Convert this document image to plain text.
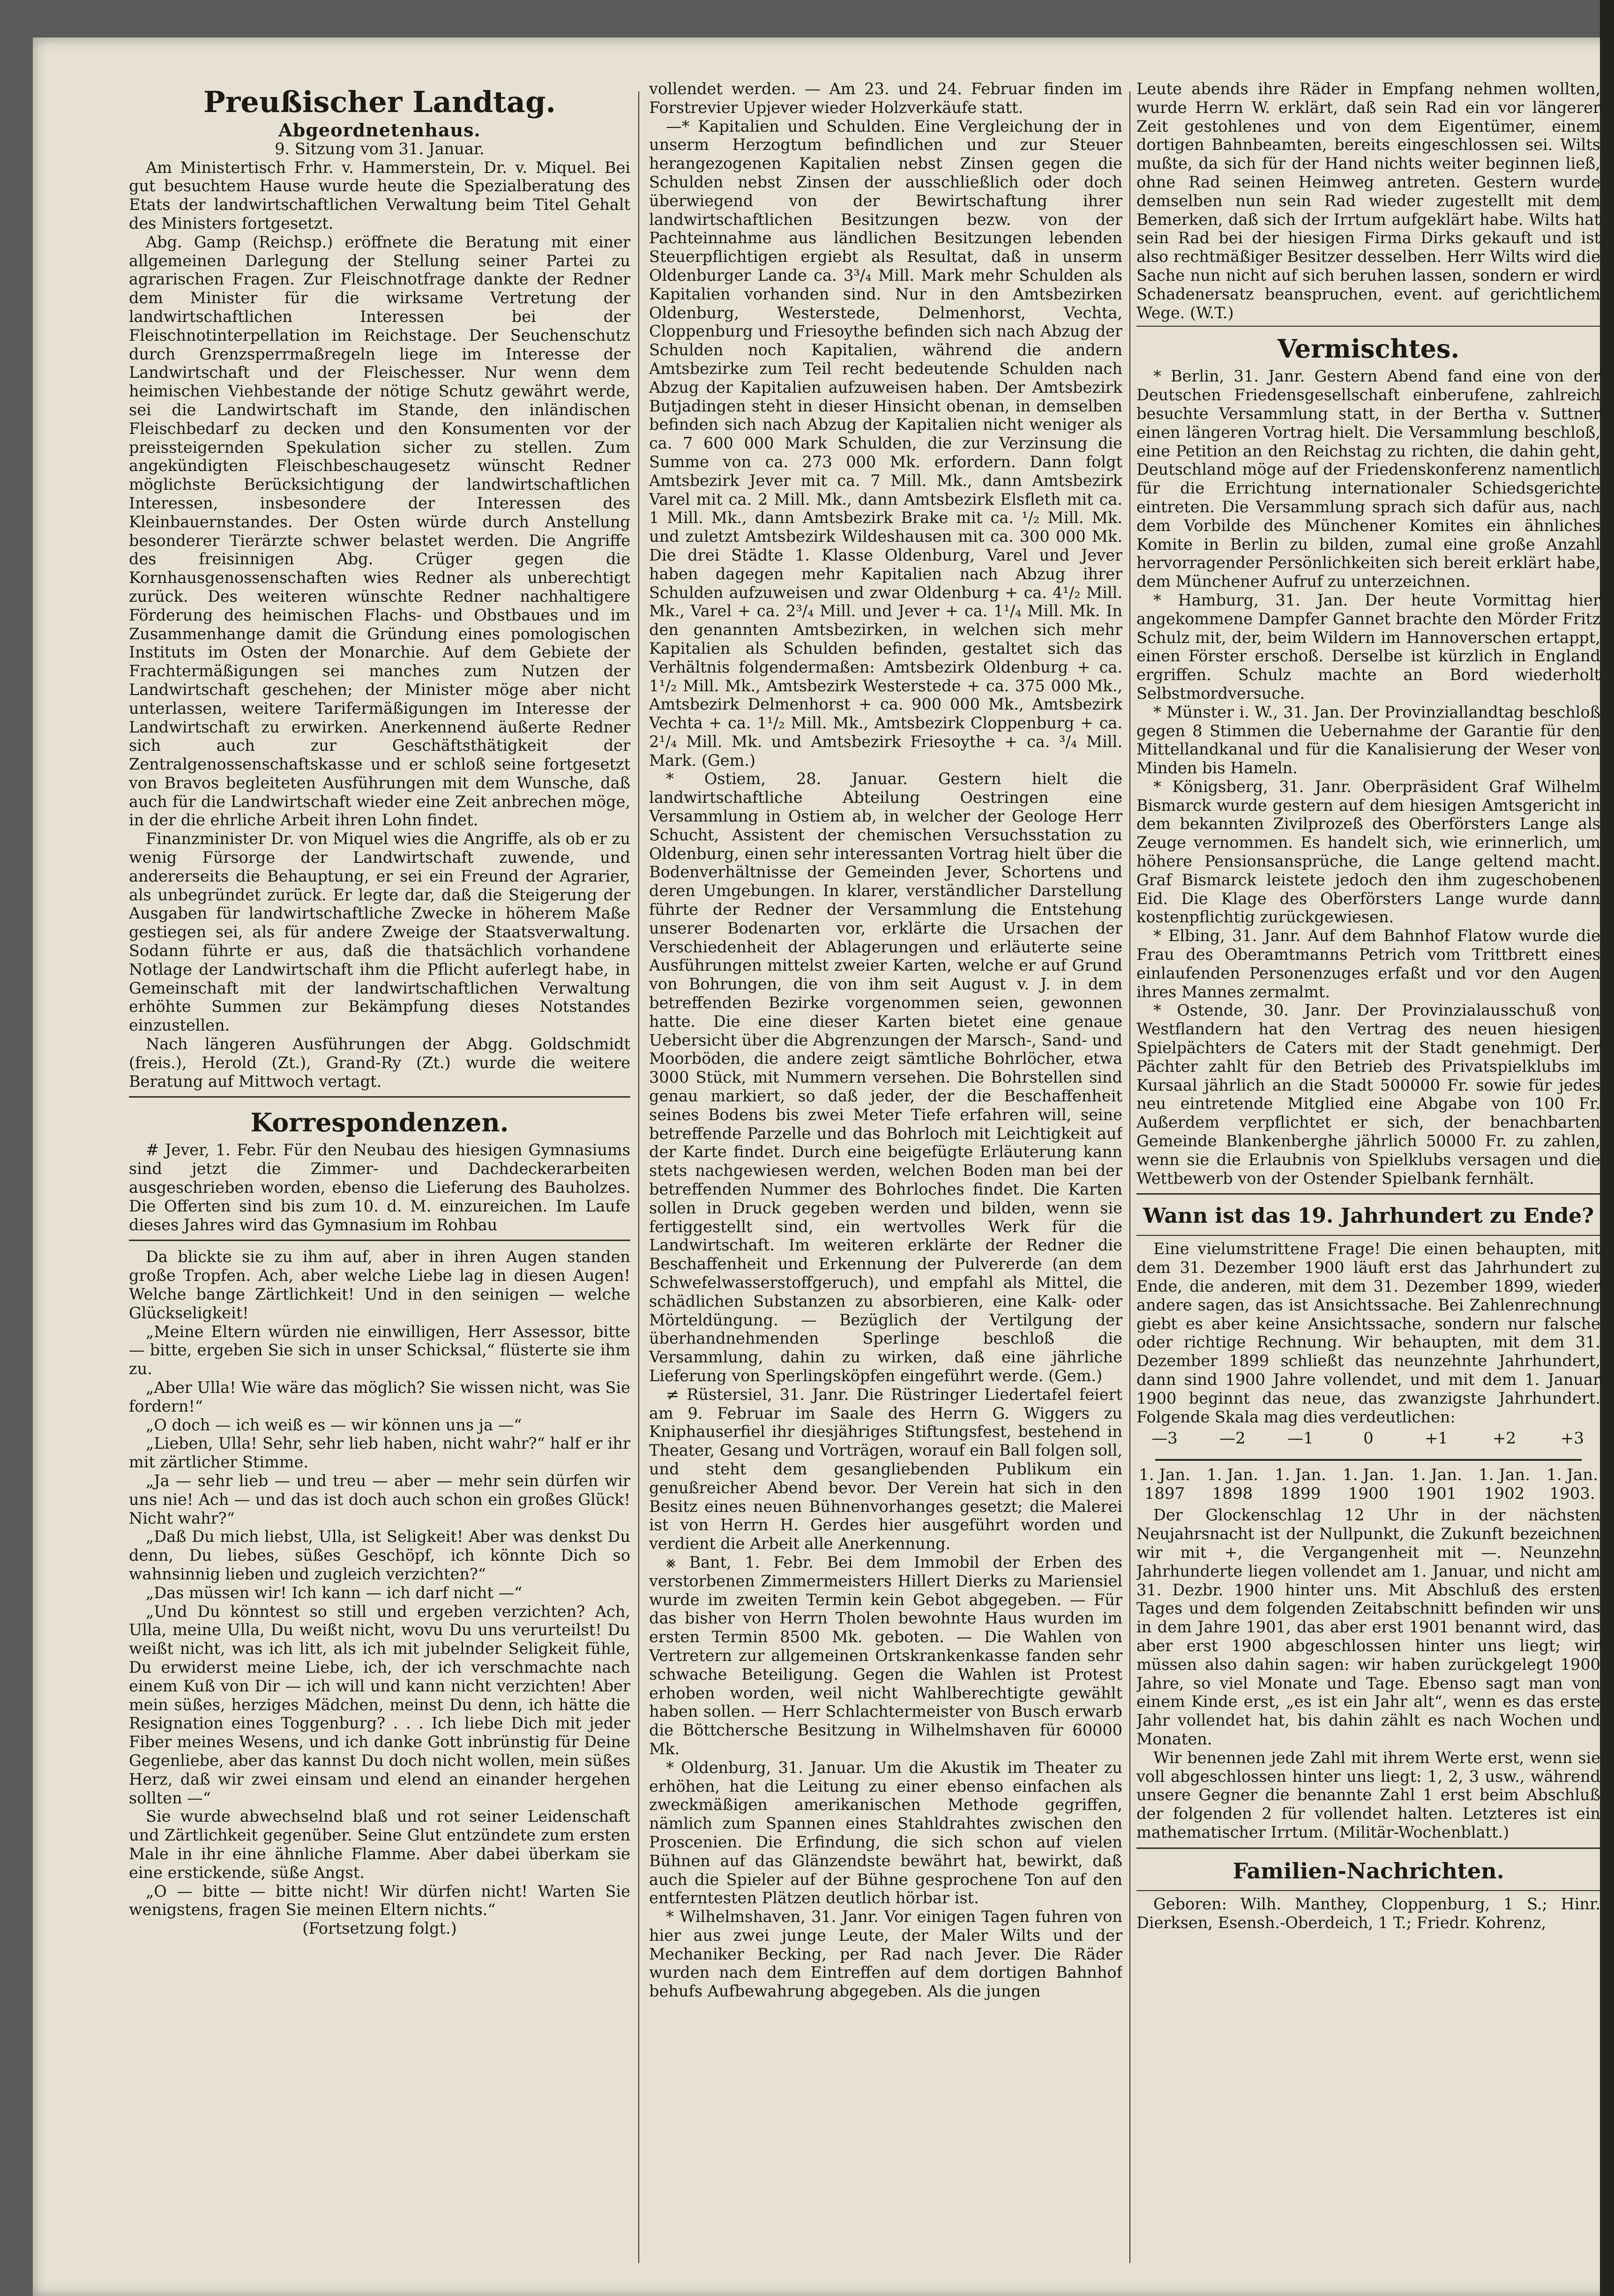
Preußischer Landtag.
Abgeordnetenhaus.

9. Sitzung vom 31. Januar.

Am Ministertisch Frhr. v. Hammerstein, Dr. v. Miquel. Bei gut besuchtem Hause wurde heute die Spezialberatung des Etats der landwirtschaftlichen Verwaltung beim Titel Gehalt des Ministers fortgesetzt.

Abg. Gamp (Reichsp.) eröffnete die Beratung mit einer allgemeinen Darlegung der Stellung seiner Partei zu agrarischen Fragen. Zur Fleischnotfrage dankte der Redner dem Minister für die wirksame Vertretung der landwirtschaftlichen Interessen bei der Fleischnotinterpellation im Reichstage. Der Seuchenschutz durch Grenzsperrmaßregeln liege im Interesse der Landwirtschaft und der Fleischesser. Nur wenn dem heimischen Viehbestande der nötige Schutz gewährt werde, sei die Landwirtschaft im Stande, den inländischen Fleischbedarf zu decken und den Konsumenten vor der preissteigernden Spekulation sicher zu stellen. Zum angekündigten Fleischbeschaugesetz wünscht Redner möglichste Berücksichtigung der landwirtschaftlichen Interessen, insbesondere der Interessen des Kleinbauernstandes. Der Osten würde durch Anstellung besonderer Tierärzte schwer belastet werden. Die Angriffe des freisinnigen Abg. Crüger gegen die Kornhausgenossenschaften wies Redner als unberechtigt zurück. Des weiteren wünschte Redner nachhaltigere Förderung des heimischen Flachs- und Obstbaues und im Zusammenhange damit die Gründung eines pomologischen Instituts im Osten der Monarchie. Auf dem Gebiete der Frachtermäßigungen sei manches zum Nutzen der Landwirtschaft geschehen; der Minister möge aber nicht unterlassen, weitere Tarifermäßigungen im Interesse der Landwirtschaft zu erwirken. Anerkennend äußerte Redner sich auch zur Geschäftsthätigkeit der Zentralgenossenschaftskasse und er schloß seine fortgesetzt von Bravos begleiteten Ausführungen mit dem Wunsche, daß auch für die Landwirtschaft wieder eine Zeit anbrechen möge, in der die ehrliche Arbeit ihren Lohn findet.

Finanzminister Dr. von Miquel wies die Angriffe, als ob er zu wenig Fürsorge der Landwirtschaft zuwende, und andererseits die Behauptung, er sei ein Freund der Agrarier, als unbegründet zurück. Er legte dar, daß die Steigerung der Ausgaben für landwirtschaftliche Zwecke in höherem Maße gestiegen sei, als für andere Zweige der Staatsverwaltung. Sodann führte er aus, daß die thatsächlich vorhandene Notlage der Landwirtschaft ihm die Pflicht auferlegt habe, in Gemeinschaft mit der landwirtschaftlichen Verwaltung erhöhte Summen zur Bekämpfung dieses Notstandes einzustellen.

Nach längeren Ausführungen der Abgg. Goldschmidt (freis.), Herold (Zt.), Grand-Ry (Zt.) wurde die weitere Beratung auf Mittwoch vertagt.

Korrespondenzen.

# Jever, 1. Febr. Für den Neubau des hiesigen Gymnasiums sind jetzt die Zimmer- und Dachdeckerarbeiten ausgeschrieben worden, ebenso die Lieferung des Bauholzes. Die Offerten sind bis zum 10. d. M. einzureichen. Im Laufe dieses Jahres wird das Gymnasium im Rohbau

Da blickte sie zu ihm auf, aber in ihren Augen standen große Tropfen. Ach, aber welche Liebe lag in diesen Augen! Welche bange Zärtlichkeit! Und in den seinigen — welche Glückseligkeit!

„Meine Eltern würden nie einwilligen, Herr Assessor, bitte — bitte, ergeben Sie sich in unser Schicksal,“ flüsterte sie ihm zu.

„Aber Ulla! Wie wäre das möglich? Sie wissen nicht, was Sie fordern!“

„O doch — ich weiß es — wir können uns ja —“

„Lieben, Ulla! Sehr, sehr lieb haben, nicht wahr?“ half er ihr mit zärtlicher Stimme.

„Ja — sehr lieb — und treu — aber — mehr sein dürfen wir uns nie! Ach — und das ist doch auch schon ein großes Glück! Nicht wahr?“

„Daß Du mich liebst, Ulla, ist Seligkeit! Aber was denkst Du denn, Du liebes, süßes Geschöpf, ich könnte Dich so wahnsinnig lieben und zugleich verzichten?“

„Das müssen wir! Ich kann — ich darf nicht —“

„Und Du könntest so still und ergeben verzichten? Ach, Ulla, meine Ulla, Du weißt nicht, wovu Du uns verurteilst! Du weißt nicht, was ich litt, als ich mit jubelnder Seligkeit fühle, Du erwiderst meine Liebe, ich, der ich verschmachte nach einem Kuß von Dir — ich will und kann nicht verzichten! Aber mein süßes, herziges Mädchen, meinst Du denn, ich hätte die Resignation eines Toggenburg? . . . Ich liebe Dich mit jeder Fiber meines Wesens, und ich danke Gott inbrünstig für Deine Gegenliebe, aber das kannst Du doch nicht wollen, mein süßes Herz, daß wir zwei einsam und elend an einander hergehen sollten —“

Sie wurde abwechselnd blaß und rot seiner Leidenschaft und Zärtlichkeit gegenüber. Seine Glut entzündete zum ersten Male in ihr eine ähnliche Flamme. Aber dabei überkam sie eine erstickende, süße Angst.

„O — bitte — bitte nicht! Wir dürfen nicht! Warten Sie wenigstens, fragen Sie meinen Eltern nichts.“

(Fortsetzung folgt.)

vollendet werden. — Am 23. und 24. Februar finden im Forstrevier Upjever wieder Holzverkäufe statt.

—* Kapitalien und Schulden. Eine Vergleichung der in unserm Herzogtum befindlichen und zur Steuer herangezogenen Kapitalien nebst Zinsen gegen die Schulden nebst Zinsen der ausschließlich oder doch überwiegend von der Bewirtschaftung ihrer landwirtschaftlichen Besitzungen bezw. von der Pachteinnahme aus ländlichen Besitzungen lebenden Steuerpflichtigen ergiebt als Resultat, daß in unserm Oldenburger Lande ca. 3³/₄ Mill. Mark mehr Schulden als Kapitalien vorhanden sind. Nur in den Amtsbezirken Oldenburg, Westerstede, Delmenhorst, Vechta, Cloppenburg und Friesoythe befinden sich nach Abzug der Schulden noch Kapitalien, während die andern Amtsbezirke zum Teil recht bedeutende Schulden nach Abzug der Kapitalien aufzuweisen haben. Der Amtsbezirk Butjadingen steht in dieser Hinsicht obenan, in demselben befinden sich nach Abzug der Kapitalien nicht weniger als ca. 7 600 000 Mark Schulden, die zur Verzinsung die Summe von ca. 273 000 Mk. erfordern. Dann folgt Amtsbezirk Jever mit ca. 7 Mill. Mk., dann Amtsbezirk Varel mit ca. 2 Mill. Mk., dann Amtsbezirk Elsfleth mit ca. 1 Mill. Mk., dann Amtsbezirk Brake mit ca. ¹/₂ Mill. Mk. und zuletzt Amtsbezirk Wildeshausen mit ca. 300 000 Mk. Die drei Städte 1. Klasse Oldenburg, Varel und Jever haben dagegen mehr Kapitalien nach Abzug ihrer Schulden aufzuweisen und zwar Oldenburg + ca. 4¹/₂ Mill. Mk., Varel + ca. 2³/₄ Mill. und Jever + ca. 1¹/₄ Mill. Mk. In den genannten Amtsbezirken, in welchen sich mehr Kapitalien als Schulden befinden, gestaltet sich das Verhältnis folgendermaßen: Amtsbezirk Oldenburg + ca. 1¹/₂ Mill. Mk., Amtsbezirk Westerstede + ca. 375 000 Mk., Amtsbezirk Delmenhorst + ca. 900 000 Mk., Amtsbezirk Vechta + ca. 1¹/₂ Mill. Mk., Amtsbezirk Cloppenburg + ca. 2¹/₄ Mill. Mk. und Amtsbezirk Friesoythe + ca. ³/₄ Mill. Mark. (Gem.)

* Ostiem, 28. Januar. Gestern hielt die landwirtschaftliche Abteilung Oestringen eine Versammlung in Ostiem ab, in welcher der Geologe Herr Schucht, Assistent der chemischen Versuchsstation zu Oldenburg, einen sehr interessanten Vortrag hielt über die Bodenverhältnisse der Gemeinden Jever, Schortens und deren Umgebungen. In klarer, verständlicher Darstellung führte der Redner der Versammlung die Entstehung unserer Bodenarten vor, erklärte die Ursachen der Verschiedenheit der Ablagerungen und erläuterte seine Ausführungen mittelst zweier Karten, welche er auf Grund von Bohrungen, die von ihm seit August v. J. in dem betreffenden Bezirke vorgenommen seien, gewonnen hatte. Die eine dieser Karten bietet eine genaue Uebersicht über die Abgrenzungen der Marsch-, Sand- und Moorböden, die andere zeigt sämtliche Bohrlöcher, etwa 3000 Stück, mit Nummern versehen. Die Bohrstellen sind genau markiert, so daß jeder, der die Beschaffenheit seines Bodens bis zwei Meter Tiefe erfahren will, seine betreffende Parzelle und das Bohrloch mit Leichtigkeit auf der Karte findet. Durch eine beigefügte Erläuterung kann stets nachgewiesen werden, welchen Boden man bei der betreffenden Nummer des Bohrloches findet. Die Karten sollen in Druck gegeben werden und bilden, wenn sie fertiggestellt sind, ein wertvolles Werk für die Landwirtschaft. Im weiteren erklärte der Redner die Beschaffenheit und Erkennung der Pulvererde (an dem Schwefelwasserstoffgeruch), und empfahl als Mittel, die schädlichen Substanzen zu absorbieren, eine Kalk- oder Mörteldüngung. — Bezüglich der Vertilgung der überhandnehmenden Sperlinge beschloß die Versammlung, dahin zu wirken, daß eine jährliche Lieferung von Sperlingsköpfen eingeführt werde. (Gem.)

≠ Rüstersiel, 31. Janr. Die Rüstringer Liedertafel feiert am 9. Februar im Saale des Herrn G. Wiggers zu Kniphauserfiel ihr diesjähriges Stiftungsfest, bestehend in Theater, Gesang und Vorträgen, worauf ein Ball folgen soll, und steht dem gesangliebenden Publikum ein genußreicher Abend bevor. Der Verein hat sich in den Besitz eines neuen Bühnenvorhanges gesetzt; die Malerei ist von Herrn H. Gerdes hier ausgeführt worden und verdient die Arbeit alle Anerkennung.

⨳ Bant, 1. Febr. Bei dem Immobil der Erben des verstorbenen Zimmermeisters Hillert Dierks zu Mariensiel wurde im zweiten Termin kein Gebot abgegeben. — Für das bisher von Herrn Tholen bewohnte Haus wurden im ersten Termin 8500 Mk. geboten. — Die Wahlen von Vertretern zur allgemeinen Ortskrankenkasse fanden sehr schwache Beteiligung. Gegen die Wahlen ist Protest erhoben worden, weil nicht Wahlberechtigte gewählt haben sollen. — Herr Schlachtermeister von Busch erwarb die Böttchersche Besitzung in Wilhelmshaven für 60000 Mk.

* Oldenburg, 31. Januar. Um die Akustik im Theater zu erhöhen, hat die Leitung zu einer ebenso einfachen als zweckmäßigen amerikanischen Methode gegriffen, nämlich zum Spannen eines Stahldrahtes zwischen den Proscenien. Die Erfindung, die sich schon auf vielen Bühnen auf das Glänzendste bewährt hat, bewirkt, daß auch die Spieler auf der Bühne gesprochene Ton auf den entferntesten Plätzen deutlich hörbar ist.

* Wilhelmshaven, 31. Janr. Vor einigen Tagen fuhren von hier aus zwei junge Leute, der Maler Wilts und der Mechaniker Becking, per Rad nach Jever. Die Räder wurden nach dem Eintreffen auf dem dortigen Bahnhof behufs Aufbewahrung abgegeben. Als die jungen

Leute abends ihre Räder in Empfang nehmen wollten, wurde Herrn W. erklärt, daß sein Rad ein vor längerer Zeit gestohlenes und von dem Eigentümer, einem dortigen Bahnbeamten, bereits eingeschlossen sei. Wilts mußte, da sich für der Hand nichts weiter beginnen ließ, ohne Rad seinen Heimweg antreten. Gestern wurde demselben nun sein Rad wieder zugestellt mit dem Bemerken, daß sich der Irrtum aufgeklärt habe. Wilts hat sein Rad bei der hiesigen Firma Dirks gekauft und ist also rechtmäßiger Besitzer desselben. Herr Wilts wird die Sache nun nicht auf sich beruhen lassen, sondern er wird Schadenersatz beanspruchen, event. auf gerichtlichem Wege. (W.T.)

Vermischtes.

* Berlin, 31. Janr. Gestern Abend fand eine von der Deutschen Friedensgesellschaft einberufene, zahlreich besuchte Versammlung statt, in der Bertha v. Suttner einen längeren Vortrag hielt. Die Versammlung beschloß, eine Petition an den Reichstag zu richten, die dahin geht, Deutschland möge auf der Friedenskonferenz namentlich für die Errichtung internationaler Schiedsgerichte eintreten. Die Versammlung sprach sich dafür aus, nach dem Vorbilde des Münchener Komites ein ähnliches Komite in Berlin zu bilden, zumal eine große Anzahl hervorragender Persönlichkeiten sich bereit erklärt habe, dem Münchener Aufruf zu unterzeichnen.

* Hamburg, 31. Jan. Der heute Vormittag hier angekommene Dampfer Gannet brachte den Mörder Fritz Schulz mit, der, beim Wildern im Hannoverschen ertappt, einen Förster erschoß. Derselbe ist kürzlich in England ergriffen. Schulz machte an Bord wiederholt Selbstmordversuche.

* Münster i. W., 31. Jan. Der Provinziallandtag beschloß gegen 8 Stimmen die Uebernahme der Garantie für den Mittellandkanal und für die Kanalisierung der Weser von Minden bis Hameln.

* Königsberg, 31. Janr. Oberpräsident Graf Wilhelm Bismarck wurde gestern auf dem hiesigen Amtsgericht in dem bekannten Zivilprozeß des Oberförsters Lange als Zeuge vernommen. Es handelt sich, wie erinnerlich, um höhere Pensionsansprüche, die Lange geltend macht. Graf Bismarck leistete jedoch den ihm zugeschobenen Eid. Die Klage des Oberförsters Lange wurde dann kostenpflichtig zurückgewiesen.

* Elbing, 31. Janr. Auf dem Bahnhof Flatow wurde die Frau des Oberamtmanns Petrich vom Trittbrett eines einlaufenden Personenzuges erfaßt und vor den Augen ihres Mannes zermalmt.

* Ostende, 30. Janr. Der Provinzialausschuß von Westflandern hat den Vertrag des neuen hiesigen Spielpächters de Caters mit der Stadt genehmigt. Der Pächter zahlt für den Betrieb des Privatspielklubs im Kursaal jährlich an die Stadt 500000 Fr. sowie für jedes neu eintretende Mitglied eine Abgabe von 100 Fr. Außerdem verpflichtet er sich, der benachbarten Gemeinde Blankenberghe jährlich 50000 Fr. zu zahlen, wenn sie die Erlaubnis von Spielklubs versagen und die Wettbewerb von der Ostender Spielbank fernhält.

Wann ist das 19. Jahrhundert zu Ende?

Eine vielumstrittene Frage! Die einen behaupten, mit dem 31. Dezember 1900 läuft erst das Jahrhundert zu Ende, die anderen, mit dem 31. Dezember 1899, wieder andere sagen, das ist Ansichtssache. Bei Zahlenrechnung giebt es aber keine Ansichtssache, sondern nur falsche oder richtige Rechnung. Wir behaupten, mit dem 31. Dezember 1899 schließt das neunzehnte Jahrhundert, dann sind 1900 Jahre vollendet, und mit dem 1. Januar 1900 beginnt das neue, das zwanzigste Jahrhundert. Folgende Skala mag dies verdeutlichen:

—3	—2	—1	0	+1	+2	+3
1. Jan. 1. Jan. 1. Jan. 1. Jan. 1. Jan. 1. Jan. 1. Jan.
1897	1898	1899	1900	1901	1902	1903.

Der Glockenschlag 12 Uhr in der nächsten Neujahrsnacht ist der Nullpunkt, die Zukunft bezeichnen wir mit +, die Vergangenheit mit —. Neunzehn Jahrhunderte liegen vollendet am 1. Januar, und nicht am 31. Dezbr. 1900 hinter uns. Mit Abschluß des ersten Tages und dem folgenden Zeitabschnitt befinden wir uns in dem Jahre 1901, das aber erst 1901 benannt wird, das aber erst 1900 abgeschlossen hinter uns liegt; wir müssen also dahin sagen: wir haben zurückgelegt 1900 Jahre, so viel Monate und Tage. Ebenso sagt man von einem Kinde erst, „es ist ein Jahr alt“, wenn es das erste Jahr vollendet hat, bis dahin zählt es nach Wochen und Monaten.

Wir benennen jede Zahl mit ihrem Werte erst, wenn sie voll abgeschlossen hinter uns liegt: 1, 2, 3 usw., während unsere Gegner die benannte Zahl 1 erst beim Abschluß der folgenden 2 für vollendet halten. Letzteres ist ein mathematischer Irrtum. (Militär-Wochenblatt.)

Familien-Nachrichten.

Geboren: Wilh. Manthey, Cloppenburg, 1 S.; Hinr. Dierksen, Esensh.-Oberdeich, 1 T.; Friedr. Kohrenz,
